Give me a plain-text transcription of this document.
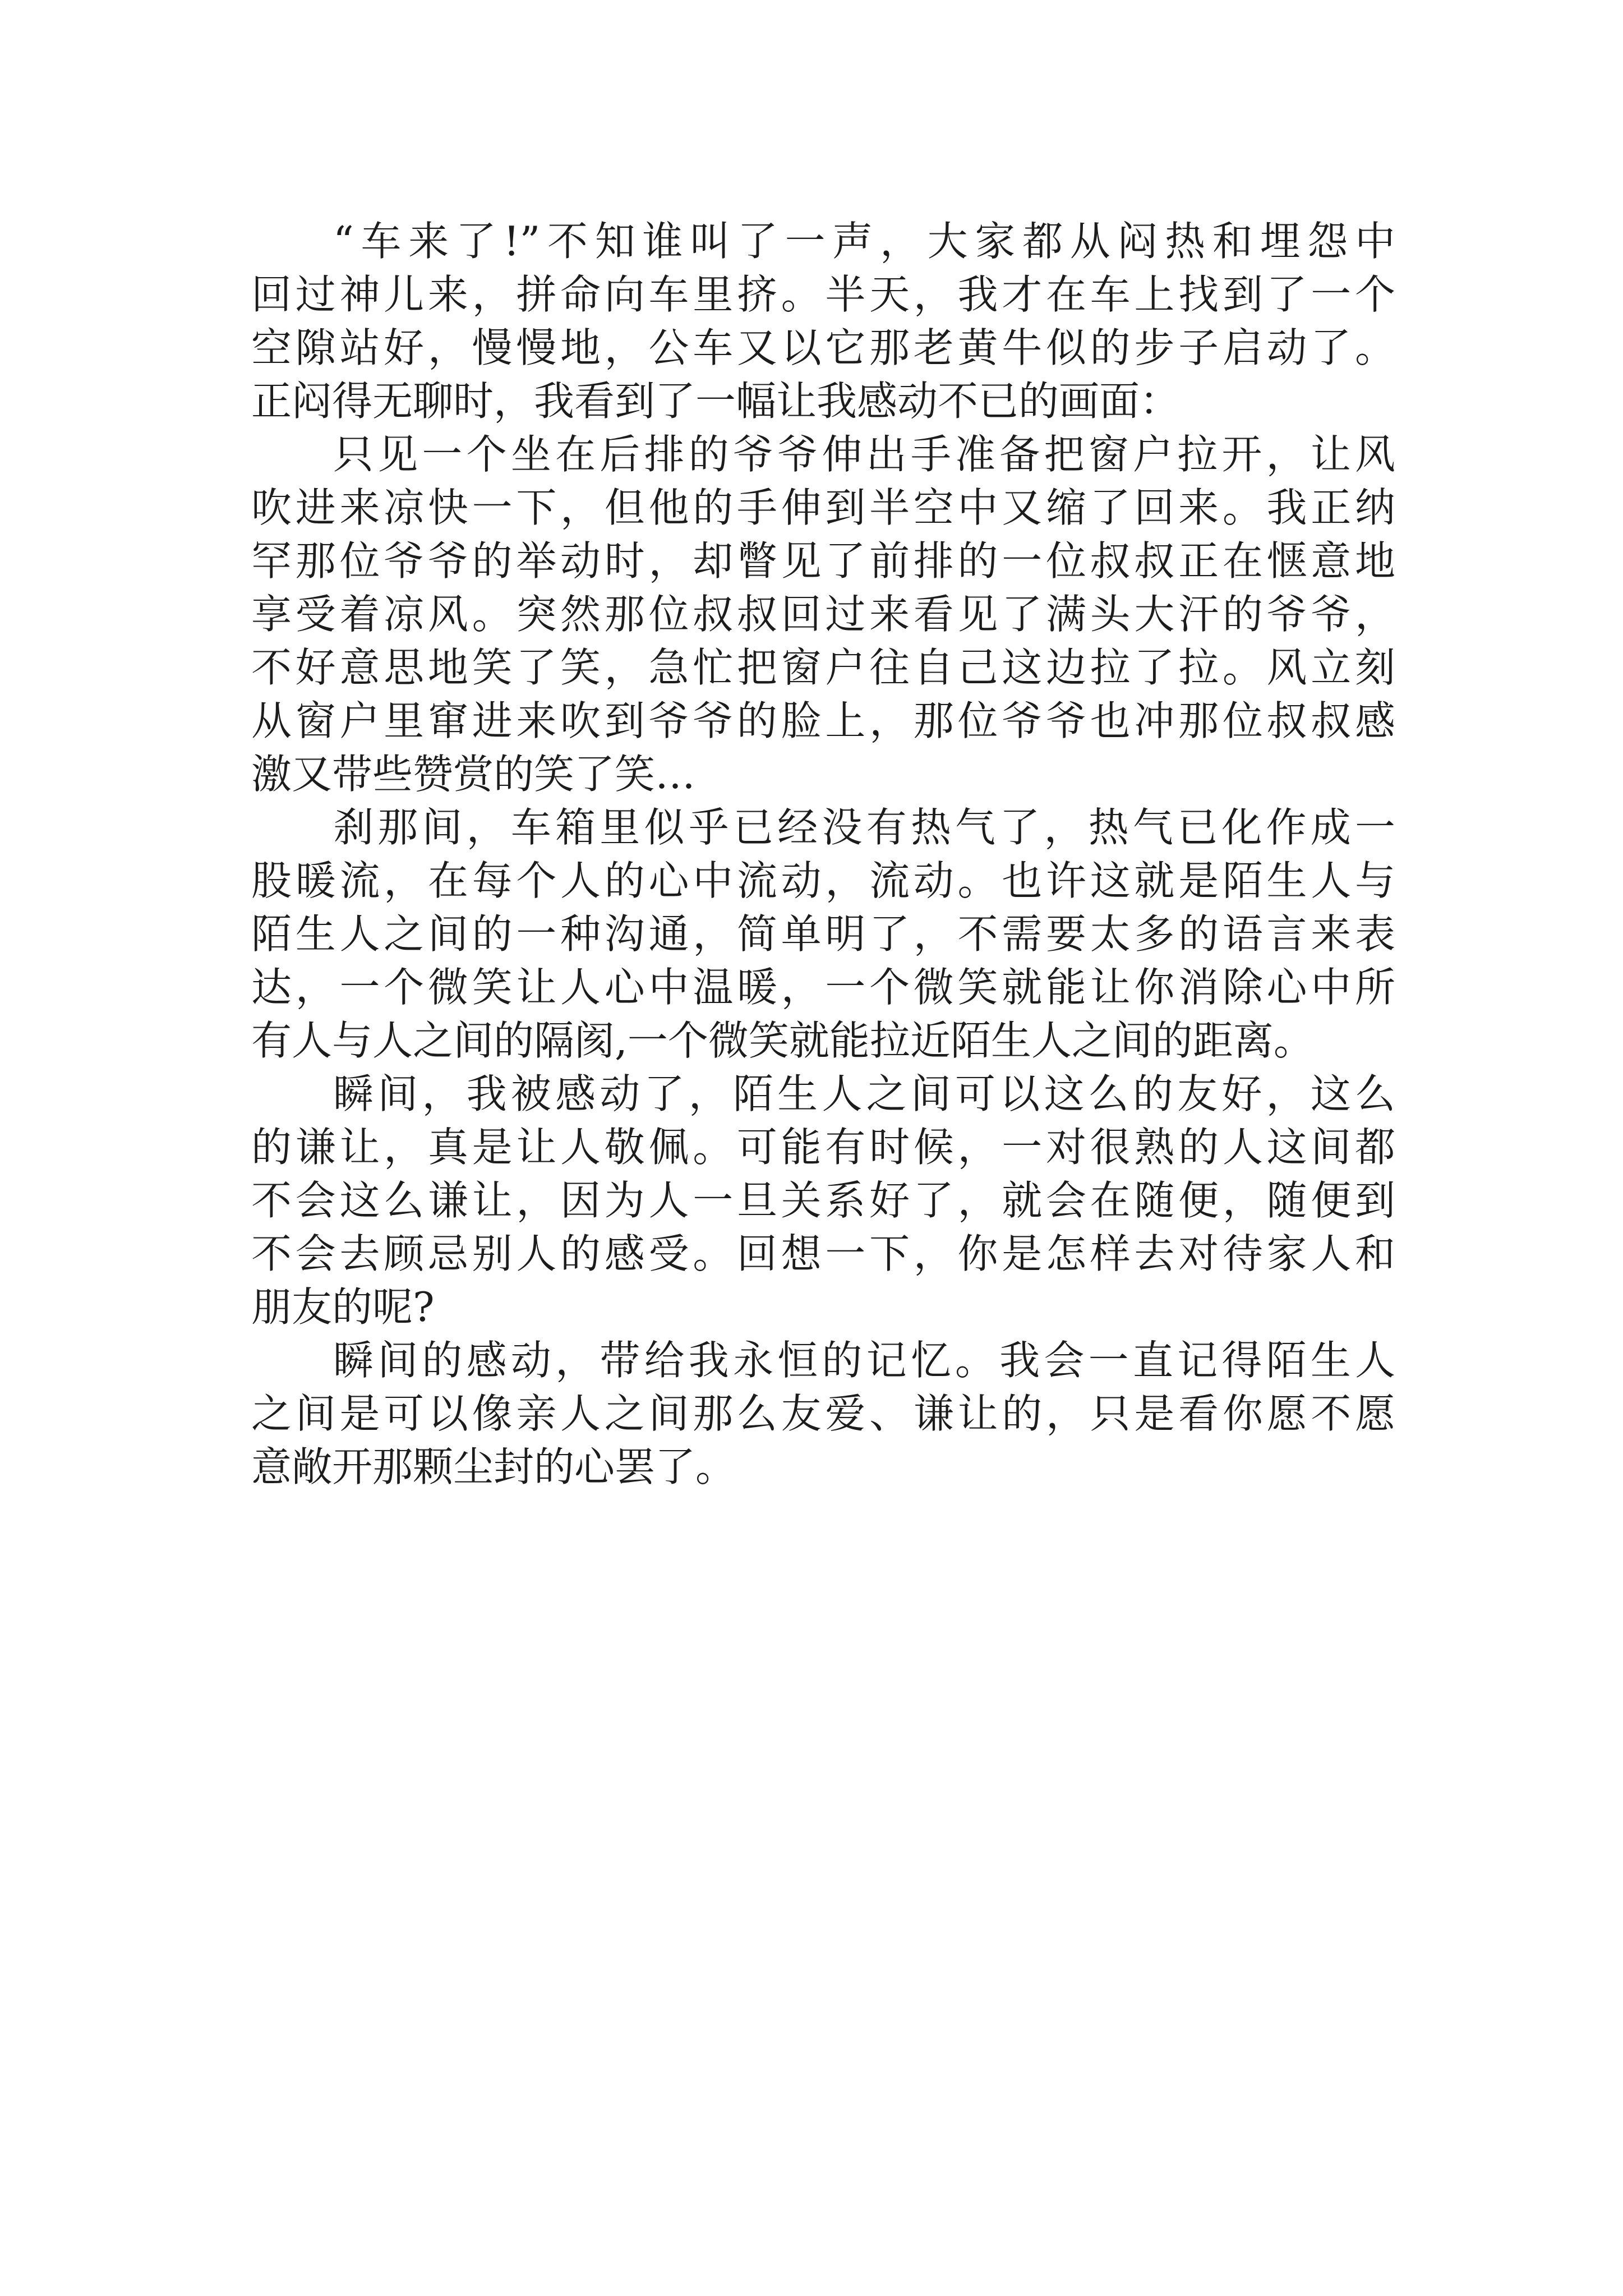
“车来了!”不知谁叫了一声，大家都从闷热和埋怨中
回过神儿来，拼命向车里挤。半天，我才在车上找到了一个
空隙站好，慢慢地，公车又以它那老黄牛似的步子启动了。
正闷得无聊时，我看到了一幅让我感动不已的画面：
只见一个坐在后排的爷爷伸出手准备把窗户拉开，让风
吹进来凉快一下，但他的手伸到半空中又缩了回来。我正纳
罕那位爷爷的举动时，却瞥见了前排的一位叔叔正在惬意地
享受着凉风。突然那位叔叔回过来看见了满头大汗的爷爷，
不好意思地笑了笑，急忙把窗户往自己这边拉了拉。风立刻
从窗户里窜进来吹到爷爷的脸上，那位爷爷也冲那位叔叔感
激又带些赞赏的笑了笑…
刹那间，车箱里似乎已经没有热气了，热气已化作成一
股暖流，在每个人的心中流动，流动。也许这就是陌生人与
陌生人之间的一种沟通，简单明了，不需要太多的语言来表
达，一个微笑让人心中温暖，一个微笑就能让你消除心中所
有人与人之间的隔阂,一个微笑就能拉近陌生人之间的距离。
瞬间，我被感动了，陌生人之间可以这么的友好，这么
的谦让，真是让人敬佩。可能有时候，一对很熟的人这间都
不会这么谦让，因为人一旦关系好了，就会在随便，随便到
不会去顾忌别人的感受。回想一下，你是怎样去对待家人和
朋友的呢?
瞬间的感动，带给我永恒的记忆。我会一直记得陌生人
之间是可以像亲人之间那么友爱、谦让的，只是看你愿不愿
意敞开那颗尘封的心罢了。
